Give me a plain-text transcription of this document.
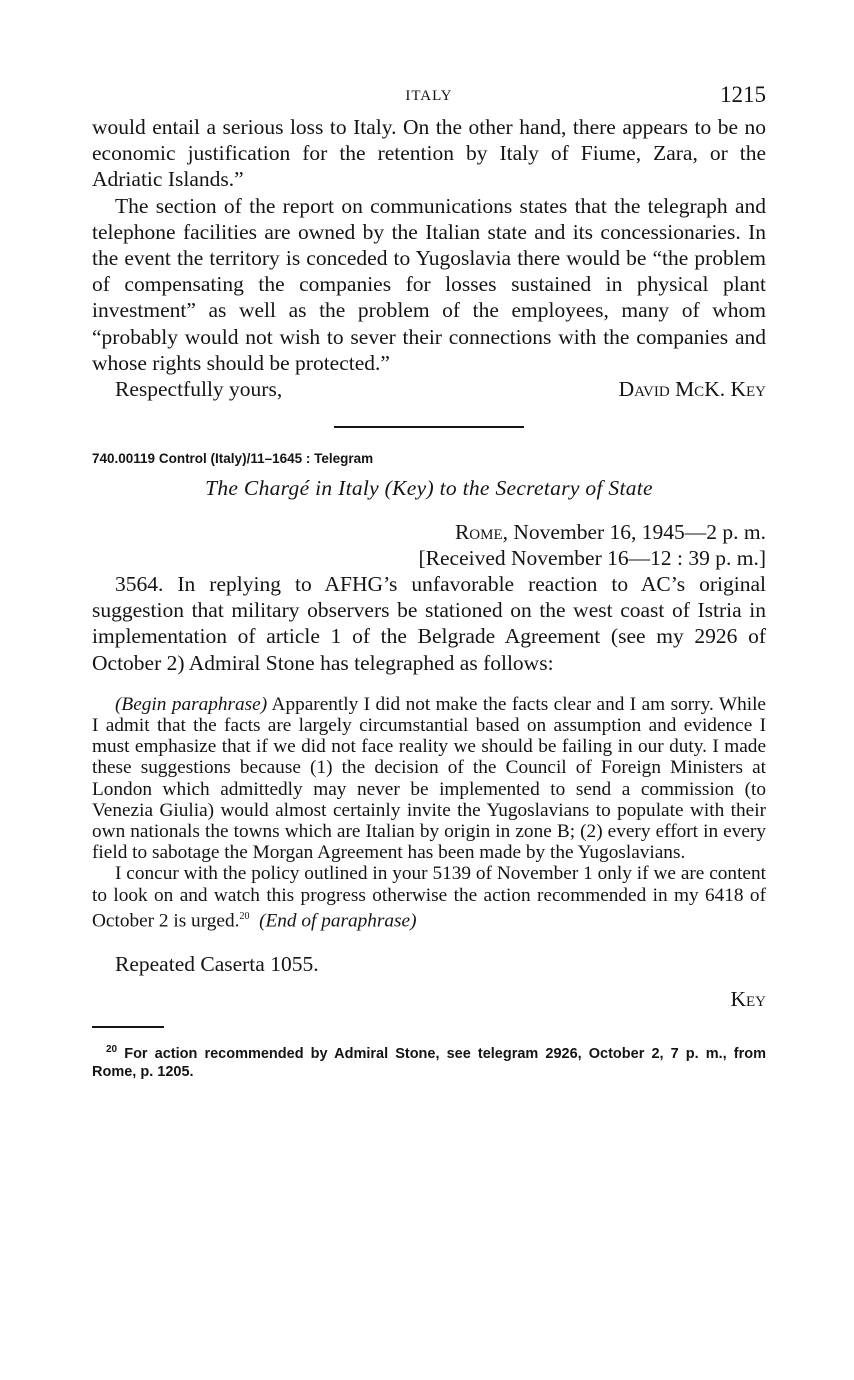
ITALY	1215

would entail a serious loss to Italy. On the other hand, there appears to be no economic justification for the retention by Italy of Fiume, Zara, or the Adriatic Islands.”

The section of the report on communications states that the telegraph and telephone facilities are owned by the Italian state and its concessionaries. In the event the territory is conceded to Yugoslavia there would be “the problem of compensating the companies for losses sustained in physical plant investment” as well as the problem of the employees, many of whom “probably would not wish to sever their connections with the companies and whose rights should be protected.”

Respectfully yours,	David McK. Key
740.00119 Control (Italy)/11–1645 : Telegram
The Chargé in Italy (Key) to the Secretary of State
Rome, November 16, 1945—2 p. m.
[Received November 16—12 : 39 p. m.]

3564. In replying to AFHG’s unfavorable reaction to AC’s original suggestion that military observers be stationed on the west coast of Istria in implementation of article 1 of the Belgrade Agreement (see my 2926 of October 2) Admiral Stone has telegraphed as follows:

(Begin paraphrase) Apparently I did not make the facts clear and I am sorry. While I admit that the facts are largely circumstantial based on assumption and evidence I must emphasize that if we did not face reality we should be failing in our duty. I made these suggestions because (1) the decision of the Council of Foreign Ministers at London which admittedly may never be implemented to send a commission (to Venezia Giulia) would almost certainly invite the Yugoslavians to populate with their own nationals the towns which are Italian by origin in zone B; (2) every effort in every field to sabotage the Morgan Agreement has been made by the Yugoslavians.

I concur with the policy outlined in your 5139 of November 1 only if we are content to look on and watch this progress otherwise the action recommended in my 6418 of October 2 is urged.$^{20}$ (End of paraphrase)

Repeated Caserta 1055.

Key

$^{20}$ For action recommended by Admiral Stone, see telegram 2926, October 2, 7 p. m., from Rome, p. 1205.
